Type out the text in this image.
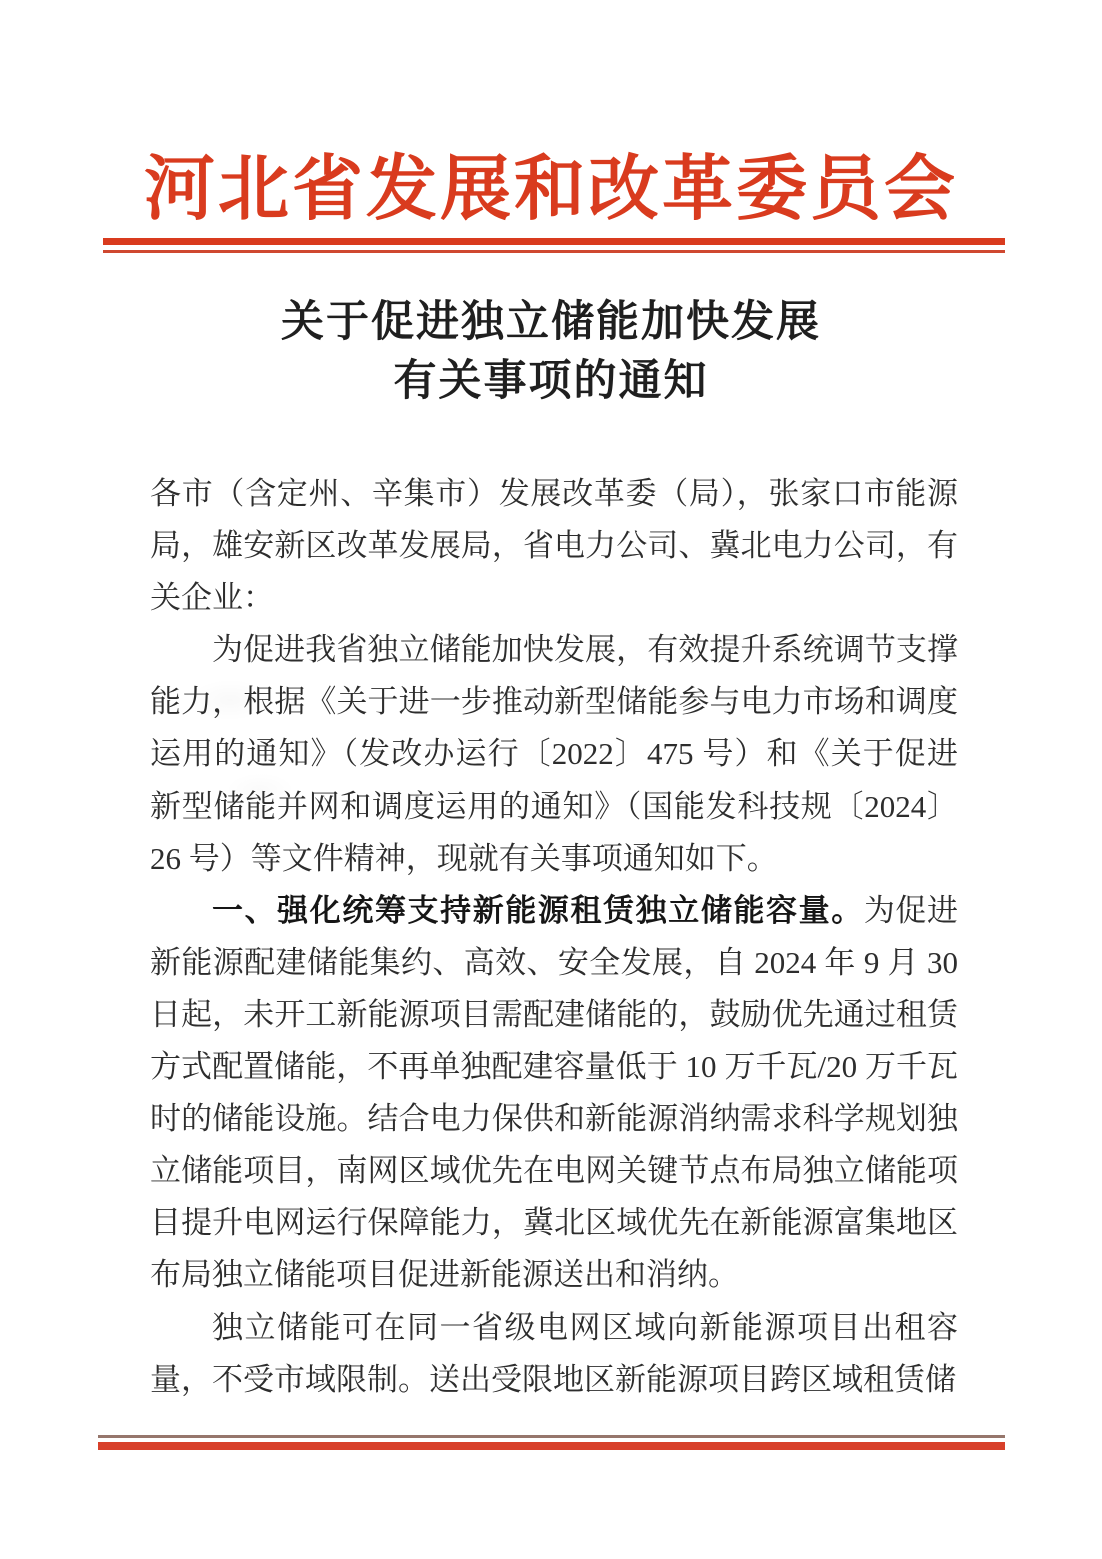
河北省发展和改革委员会
关于促进独立储能加快发展
有关事项的通知

各市（含定州、辛集市）发展改革委（局），张家口市能源局，雄安新区改革发展局，省电力公司、冀北电力公司，有关企业：

为促进我省独立储能加快发展，有效提升系统调节支撑能力，根据《关于进一步推动新型储能参与电力市场和调度运用的通知》（发改办运行〔2022〕475 号）和《关于促进新型储能并网和调度运用的通知》（国能发科技规〔2024〕26 号）等文件精神，现就有关事项通知如下。

一、强化统筹支持新能源租赁独立储能容量。为促进新能源配建储能集约、高效、安全发展，自 2024 年 9 月 30 日起，未开工新能源项目需配建储能的，鼓励优先通过租赁方式配置储能，不再单独配建容量低于 10 万千瓦/20 万千瓦时的储能设施。结合电力保供和新能源消纳需求科学规划独立储能项目，南网区域优先在电网关键节点布局独立储能项目提升电网运行保障能力，冀北区域优先在新能源富集地区布局独立储能项目促进新能源送出和消纳。

独立储能可在同一省级电网区域向新能源项目出租容量，不受市域限制。送出受限地区新能源项目跨区域租赁储
